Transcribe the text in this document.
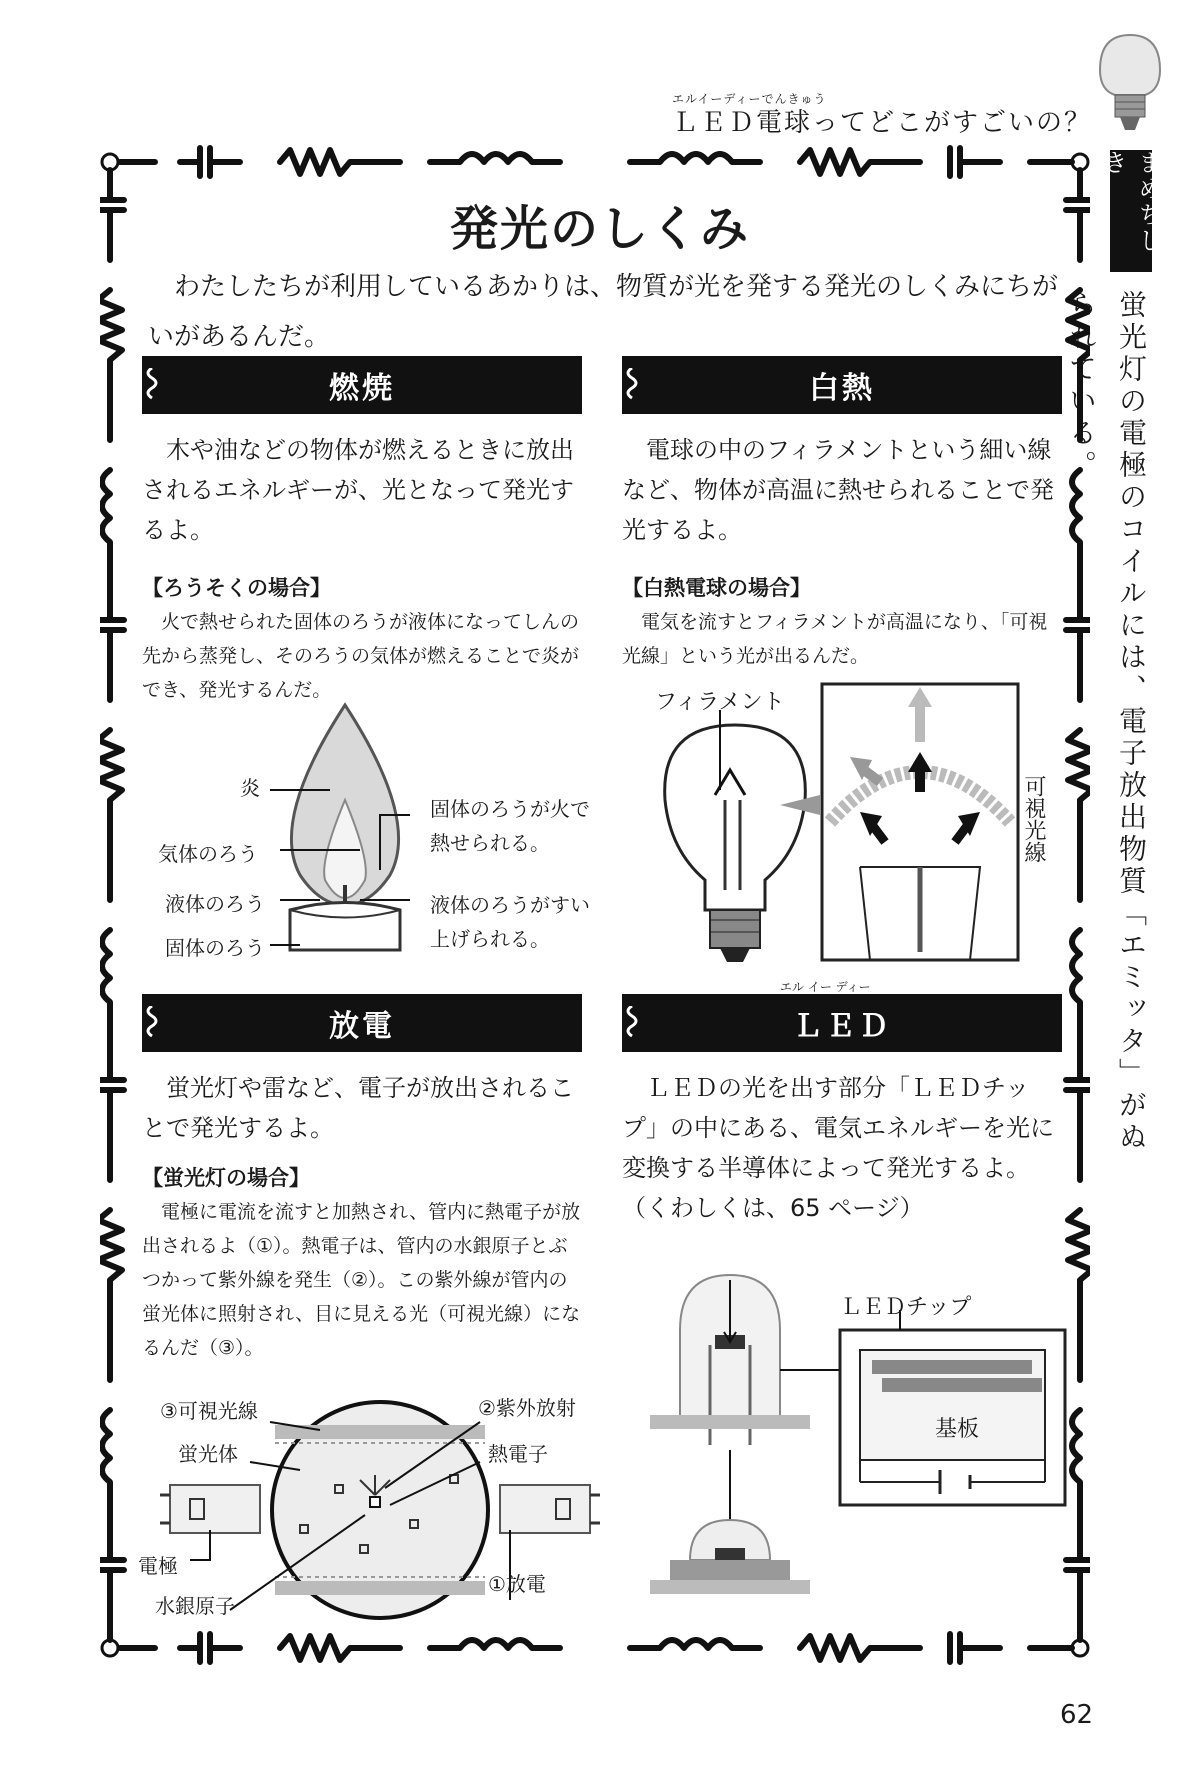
エルイーディーでんきゅう
ＬＥＤ電球ってどこがすごいの？
まめちしき
蛍光灯の電極のコイルには、電子放出物質「エミッタ」がぬられている。
発光のしくみ
わたしたちが利用しているあかりは、物質が光を発する発光のしくみにちがいがあるんだ。
燃焼
木や油などの物体が燃えるときに放出されるエネルギーが、光となって発光するよ。
【ろうそくの場合】
火で熱せられた固体のろうが液体になってしんの先から蒸発し、そのろうの気体が燃えることで炎ができ、発光するんだ。
炎
気体のろう
液体のろう
固体のろう
固体のろうが火で熱せられる。
液体のろうがすい上げられる。
白熱
電球の中のフィラメントという細い線など、物体が高温に熱せられることで発光するよ。
【白熱電球の場合】
電気を流すとフィラメントが高温になり、「可視光線」という光が出るんだ。
フィラメント
可視光線
放電
蛍光灯や雷など、電子が放出されることで発光するよ。
【蛍光灯の場合】
電極に電流を流すと加熱され、管内に熱電子が放出されるよ（①）。熱電子は、管内の水銀原子とぶつかって紫外線を発生（②）。この紫外線が管内の蛍光体に照射され、目に見える光（可視光線）になるんだ（③）。
③可視光線
蛍光体
電極
水銀原子
②紫外放射
熱電子
①放電
エル イー ディー
ＬＥＤ
ＬＥＤの光を出す部分「ＬＥＤチップ」の中にある、電気エネルギーを光に変換する半導体によって発光するよ。（くわしくは、65 ページ）
ＬＥＤチップ
基板
62
